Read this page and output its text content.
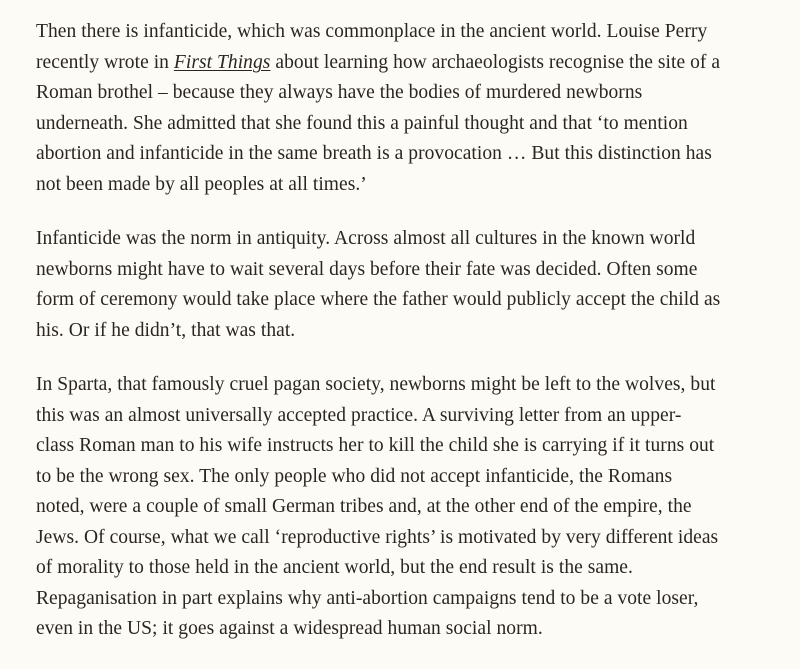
Then there is infanticide, which was commonplace in the ancient world. Louise Perry
recently wrote in First Things about learning how archaeologists recognise the site of a
Roman brothel – because they always have the bodies of murdered newborns
underneath. She admitted that she found this a painful thought and that ‘to mention
abortion and infanticide in the same breath is a provocation … But this distinction has
not been made by all peoples at all times.’

Infanticide was the norm in antiquity. Across almost all cultures in the known world
newborns might have to wait several days before their fate was decided. Often some
form of ceremony would take place where the father would publicly accept the child as
his. Or if he didn’t, that was that.

In Sparta, that famously cruel pagan society, newborns might be left to the wolves, but
this was an almost universally accepted practice. A surviving letter from an upper-
class Roman man to his wife instructs her to kill the child she is carrying if it turns out
to be the wrong sex. The only people who did not accept infanticide, the Romans
noted, were a couple of small German tribes and, at the other end of the empire, the
Jews. Of course, what we call ‘reproductive rights’ is motivated by very different ideas
of morality to those held in the ancient world, but the end result is the same.
Repaganisation in part explains why anti-abortion campaigns tend to be a vote loser,
even in the US; it goes against a widespread human social norm.
